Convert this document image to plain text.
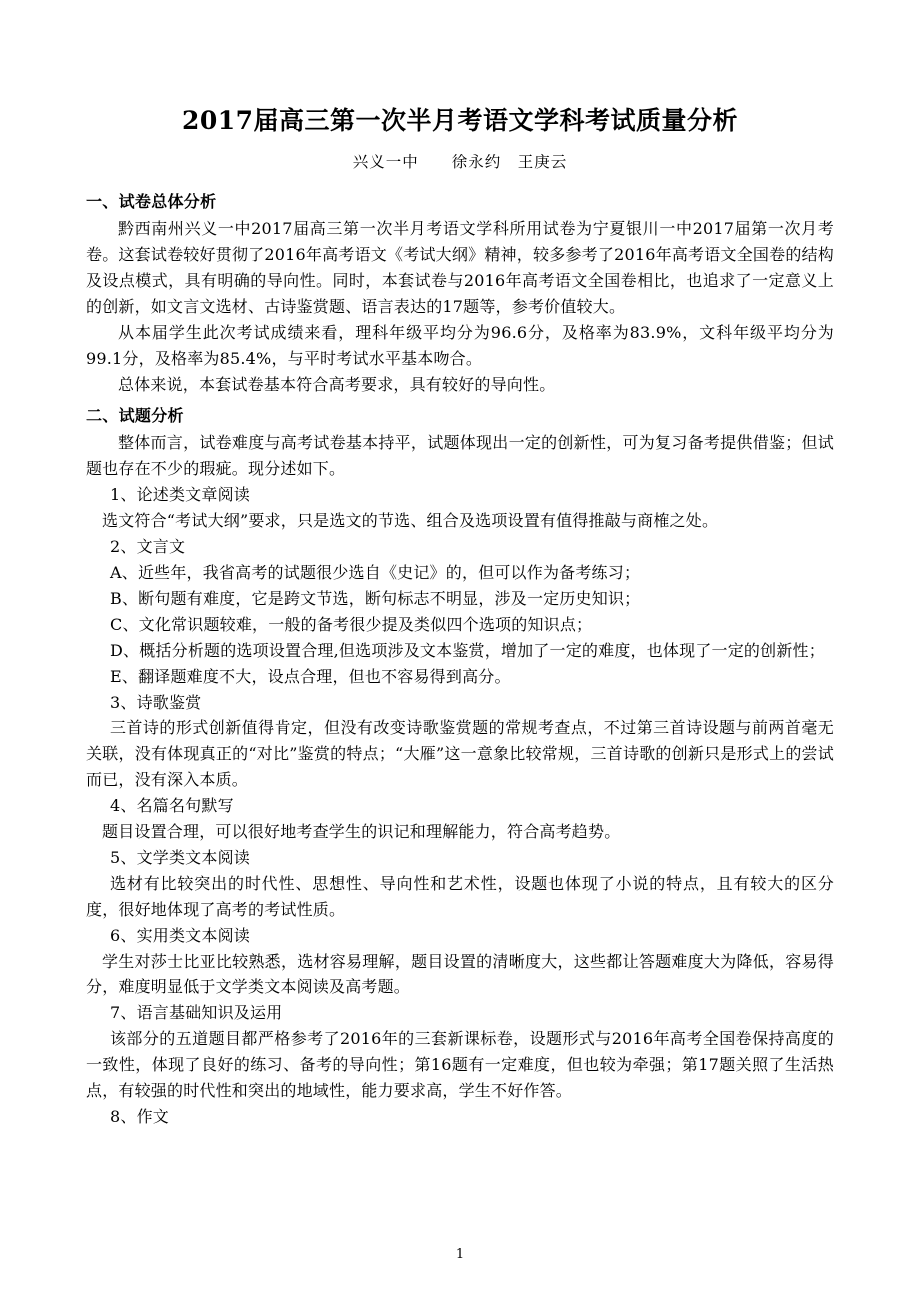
2017届高三第一次半月考语文学科考试质量分析
兴义一中　　徐永约　王庚云
一、试卷总体分析

黔西南州兴义一中2017届高三第一次半月考语文学科所用试卷为宁夏银川一中2017届第一次月考卷。这套试卷较好贯彻了2016年高考语文《考试大纲》精神，较多参考了2016年高考语文全国卷的结构及设点模式，具有明确的导向性。同时，本套试卷与2016年高考语文全国卷相比，也追求了一定意义上的创新，如文言文选材、古诗鉴赏题、语言表达的17题等，参考价值较大。

从本届学生此次考试成绩来看，理科年级平均分为96.6分，及格率为83.9%，文科年级平均分为99.1分，及格率为85.4%，与平时考试水平基本吻合。

总体来说，本套试卷基本符合高考要求，具有较好的导向性。

二、试题分析

整体而言，试卷难度与高考试卷基本持平，试题体现出一定的创新性，可为复习备考提供借鉴；但试题也存在不少的瑕疵。现分述如下。

1、论述类文章阅读

选文符合“考试大纲”要求，只是选文的节选、组合及选项设置有值得推敲与商榷之处。

2、文言文

A、近些年，我省高考的试题很少选自《史记》的，但可以作为备考练习；

B、断句题有难度，它是跨文节选，断句标志不明显，涉及一定历史知识；

C、文化常识题较难，一般的备考很少提及类似四个选项的知识点；

D、概括分析题的选项设置合理,但选项涉及文本鉴赏，增加了一定的难度，也体现了一定的创新性；

E、翻译题难度不大，设点合理，但也不容易得到高分。

3、诗歌鉴赏

三首诗的形式创新值得肯定，但没有改变诗歌鉴赏题的常规考查点，不过第三首诗设题与前两首毫无关联，没有体现真正的“对比”鉴赏的特点；“大雁”这一意象比较常规，三首诗歌的创新只是形式上的尝试而已，没有深入本质。

4、名篇名句默写

题目设置合理，可以很好地考查学生的识记和理解能力，符合高考趋势。

5、文学类文本阅读

选材有比较突出的时代性、思想性、导向性和艺术性，设题也体现了小说的特点，且有较大的区分度，很好地体现了高考的考试性质。

6、实用类文本阅读

学生对莎士比亚比较熟悉，选材容易理解，题目设置的清晰度大，这些都让答题难度大为降低，容易得分，难度明显低于文学类文本阅读及高考题。

7、语言基础知识及运用

该部分的五道题目都严格参考了2016年的三套新课标卷，设题形式与2016年高考全国卷保持高度的一致性，体现了良好的练习、备考的导向性；第16题有一定难度，但也较为牵强；第17题关照了生活热点，有较强的时代性和突出的地域性，能力要求高，学生不好作答。

8、作文

1
